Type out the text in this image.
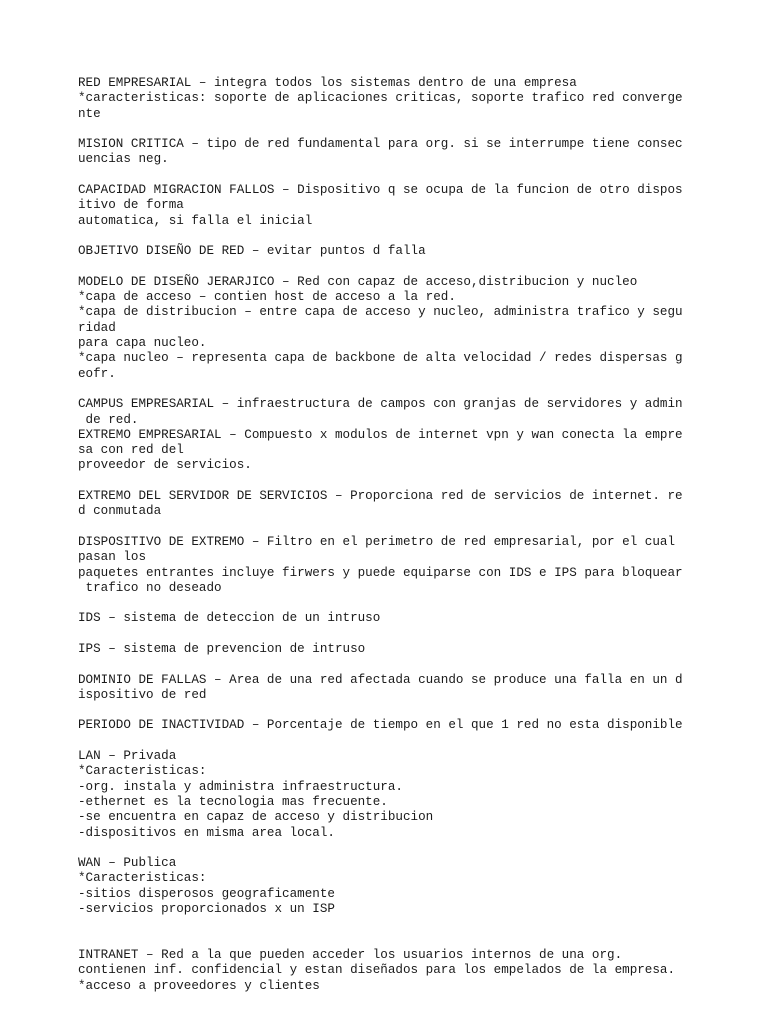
RED EMPRESARIAL – integra todos los sistemas dentro de una empresa
*caracteristicas: soporte de aplicaciones criticas, soporte trafico red converge
nte
MISION CRITICA – tipo de red fundamental para org. si se interrumpe tiene consec
uencias neg.
CAPACIDAD MIGRACION FALLOS – Dispositivo q se ocupa de la funcion de otro dispos
itivo de forma
automatica, si falla el inicial
OBJETIVO DISEÑO DE RED – evitar puntos d falla
MODELO DE DISEÑO JERARJICO – Red con capaz de acceso,distribucion y nucleo
*capa de acceso – contien host de acceso a la red.
*capa de distribucion – entre capa de acceso y nucleo, administra trafico y segu
ridad
para capa nucleo.
*capa nucleo – representa capa de backbone de alta velocidad / redes dispersas g
eofr.
CAMPUS EMPRESARIAL – infraestructura de campos con granjas de servidores y admin
de red.
EXTREMO EMPRESARIAL – Compuesto x modulos de internet vpn y wan conecta la empre
sa con red del
proveedor de servicios.
EXTREMO DEL SERVIDOR DE SERVICIOS – Proporciona red de servicios de internet. re
d conmutada
DISPOSITIVO DE EXTREMO – Filtro en el perimetro de red empresarial, por el cual
pasan los
paquetes entrantes incluye firwers y puede equiparse con IDS e IPS para bloquear
trafico no deseado
IDS – sistema de deteccion de un intruso
IPS – sistema de prevencion de intruso
DOMINIO DE FALLAS – Area de una red afectada cuando se produce una falla en un d
ispositivo de red
PERIODO DE INACTIVIDAD – Porcentaje de tiempo en el que 1 red no esta disponible
LAN – Privada
*Caracteristicas:
-org. instala y administra infraestructura.
-ethernet es la tecnologia mas frecuente.
-se encuentra en capaz de acceso y distribucion
-dispositivos en misma area local.
WAN – Publica
*Caracteristicas:
-sitios disperosos geograficamente
-servicios proporcionados x un ISP
INTRANET – Red a la que pueden acceder los usuarios internos de una org.
contienen inf. confidencial y estan diseñados para los empelados de la empresa.
*acceso a proveedores y clientes
